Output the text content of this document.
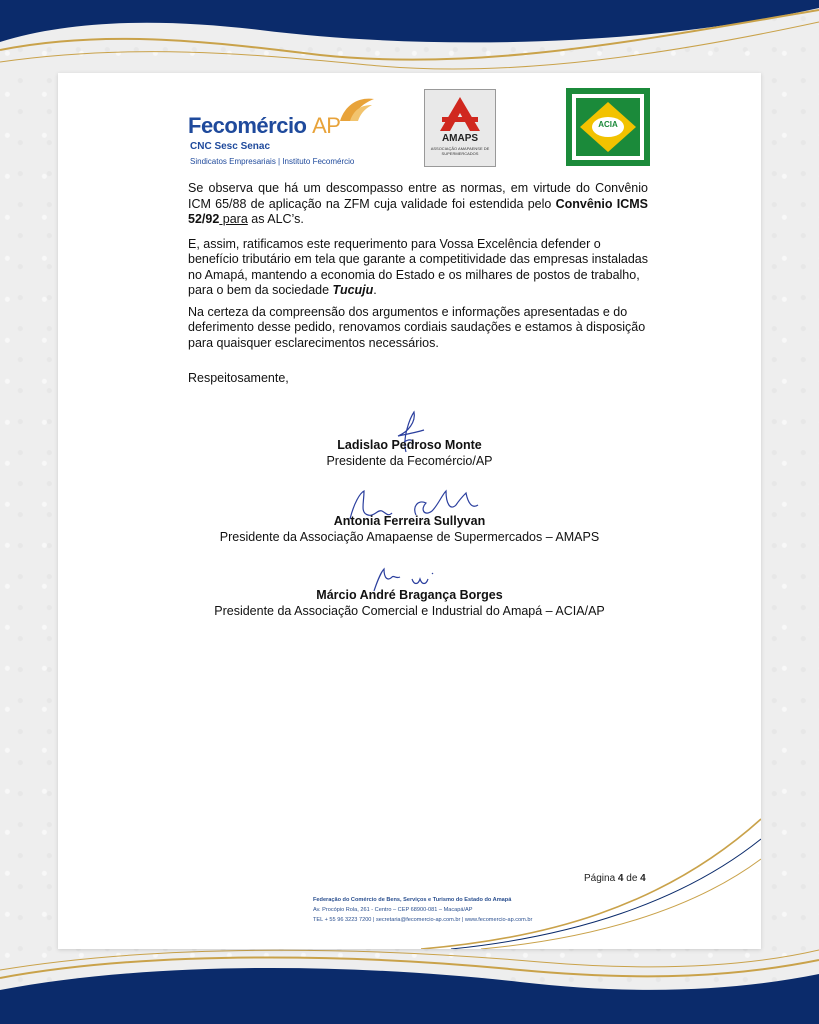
Fecomércio AP
CNC Sesc Senac
Sindicatos Empresariais | Instituto Fecomércio
AMAPS
ASSOCIAÇÃO AMAPAENSE DE SUPERMERCADOS
ACIA

Se observa que há um descompasso entre as normas, em virtude do Convênio ICM 65/88 de aplicação na ZFM cuja validade foi estendida pelo Convênio ICMS 52/92 para as ALC’s.

E, assim, ratificamos este requerimento para Vossa Excelência defender o benefício tributário em tela que garante a competitividade das empresas instaladas no Amapá, mantendo a economia do Estado e os milhares de postos de trabalho, para o bem da sociedade Tucuju.

Na certeza da compreensão dos argumentos e informações apresentadas e do deferimento desse pedido, renovamos cordiais saudações e estamos à disposição para quaisquer esclarecimentos necessários.

Respeitosamente,

Ladislao Pedroso Monte
Presidente da Fecomércio/AP
Antonia Ferreira Sullyvan
Presidente da Associação Amapaense de Supermercados – AMAPS
Márcio André Bragança Borges
Presidente da Associação Comercial e Industrial do Amapá – ACIA/AP
Página 4 de 4
Federação do Comércio de Bens, Serviços e Turismo do Estado do Amapá
Av. Procópio Rola, 261 - Centro – CEP 68900-081 – Macapá/AP
TEL + 55 96 3223 7200 | secretaria@fecomercio-ap.com.br | www.fecomercio-ap.com.br
